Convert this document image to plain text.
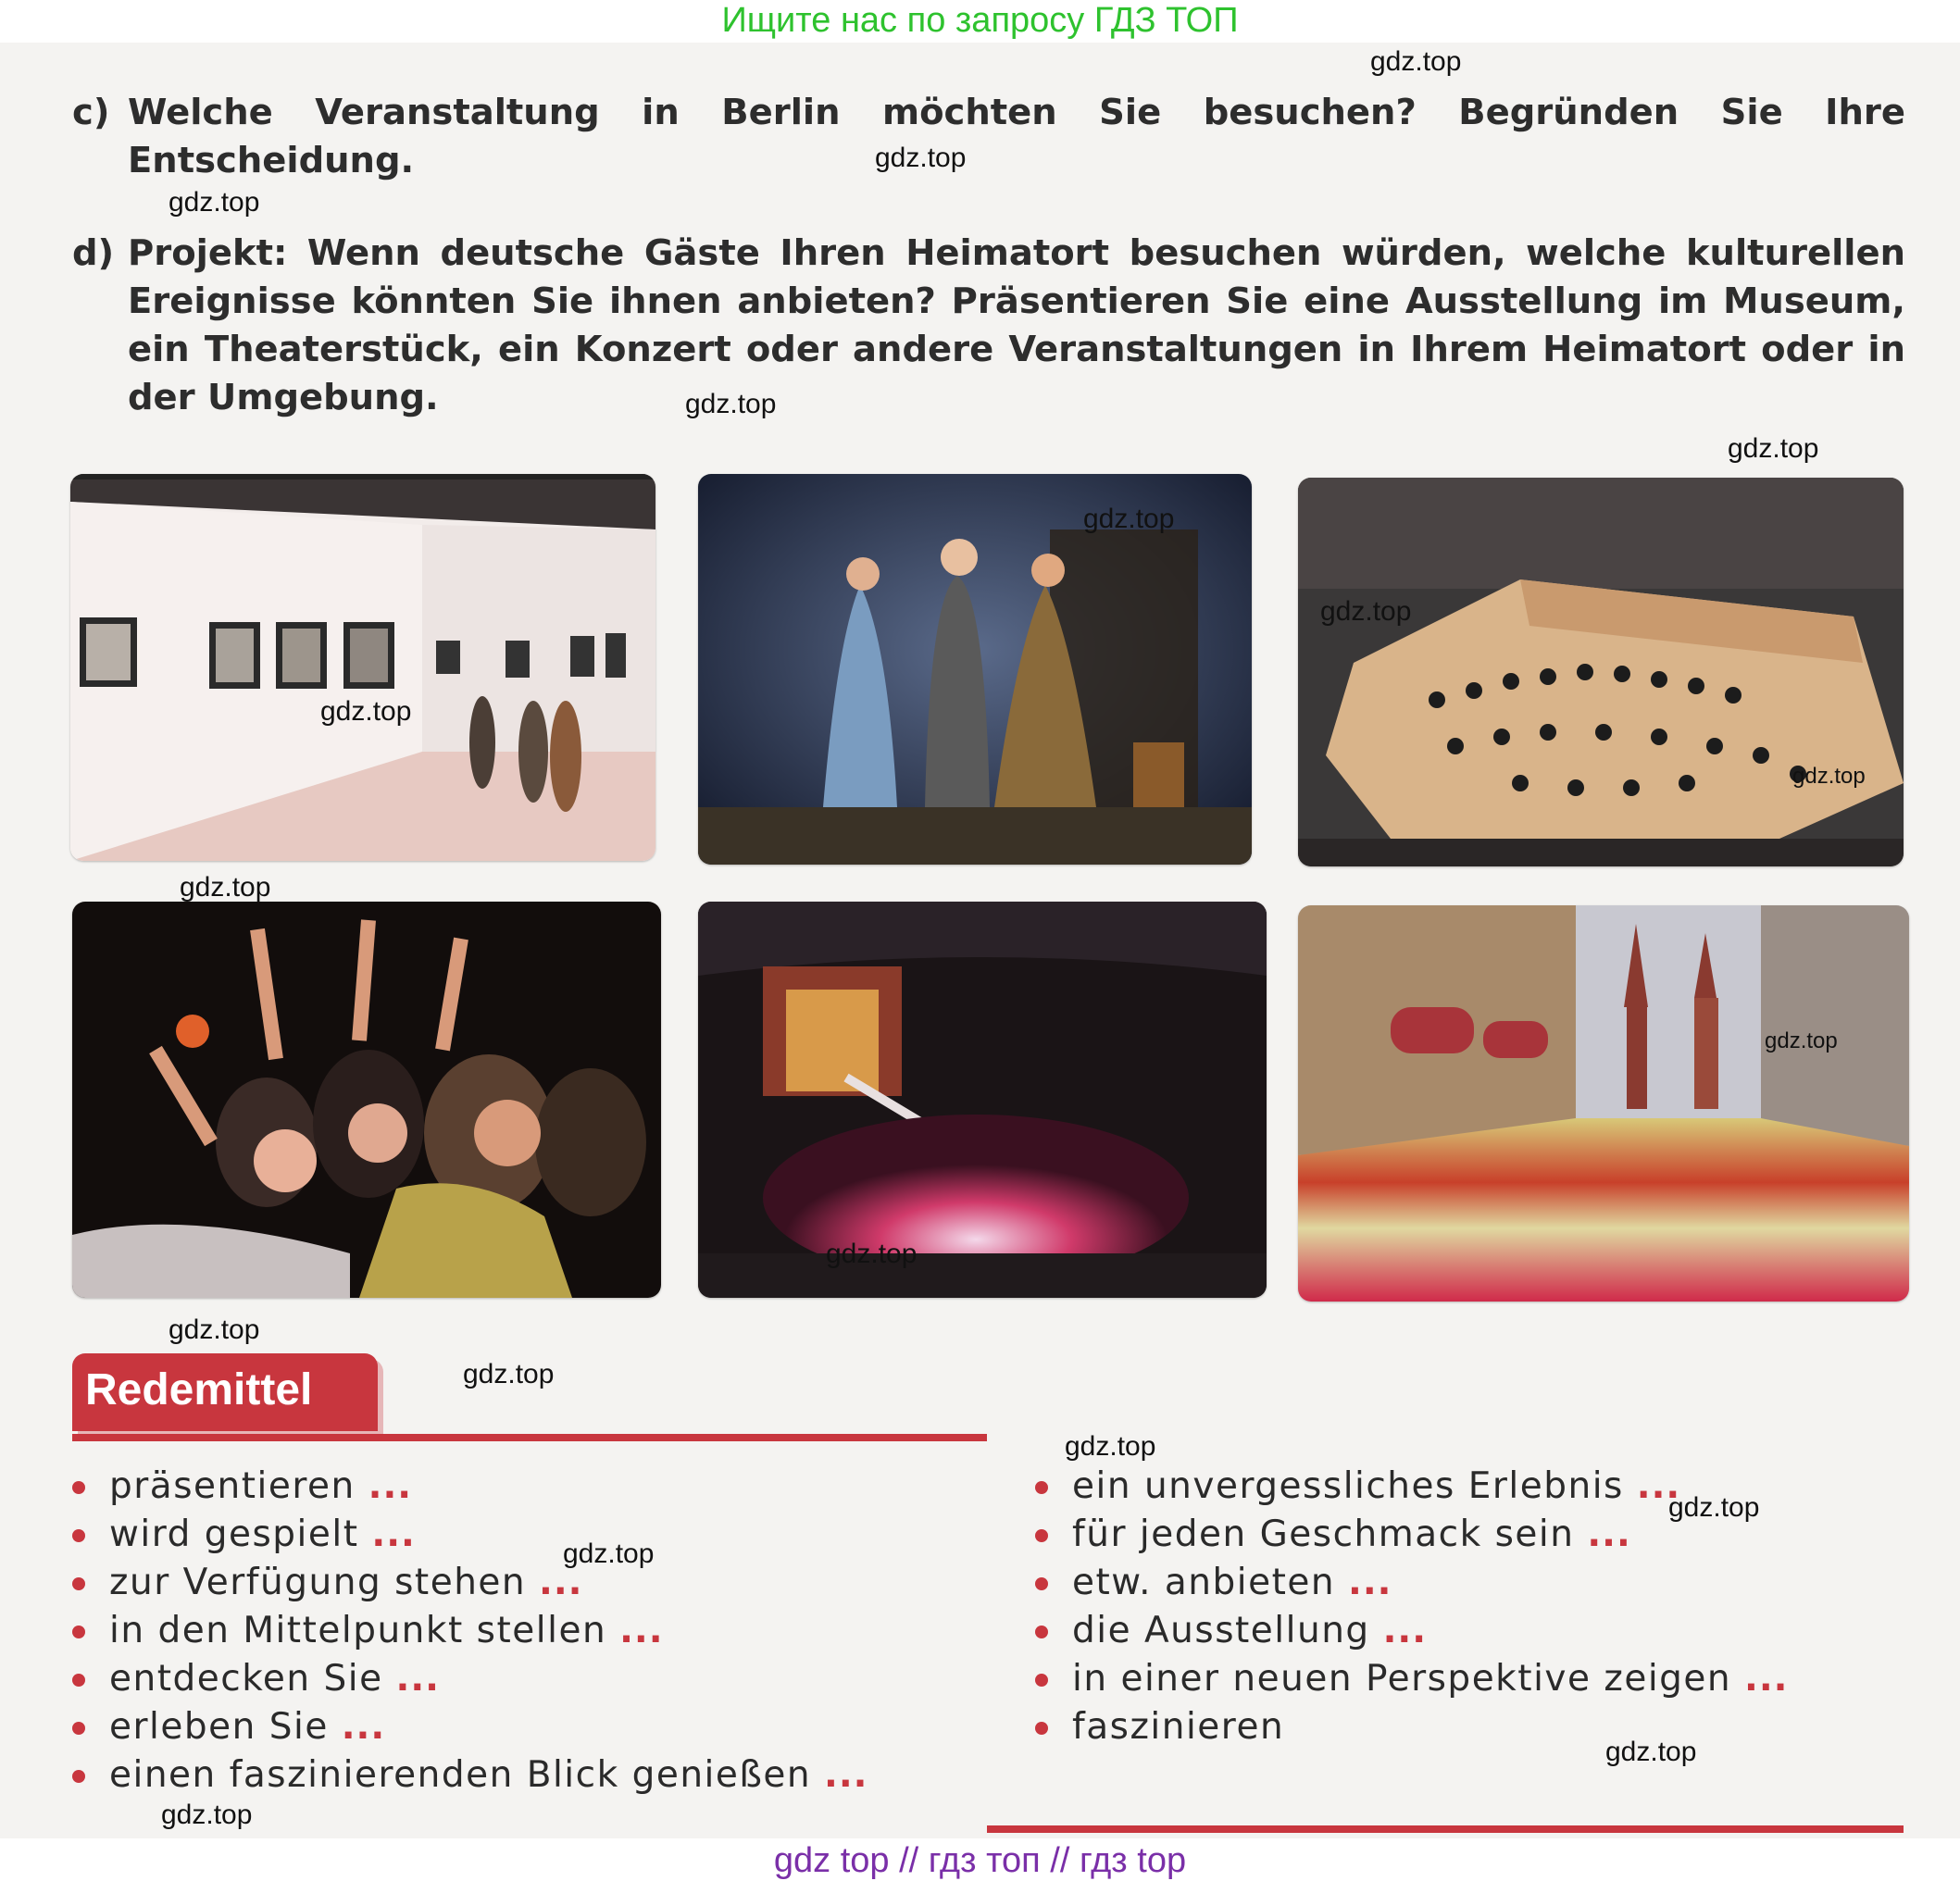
Ищите нас по запросу ГДЗ ТОП
c) Welche Veranstaltung in Berlin möchten Sie besuchen? Begründen Sie Ihre Entscheidung.
d) Projekt: Wenn deutsche Gäste Ihren Heimatort besuchen würden, welche kulturellen Ereignisse könnten Sie ihnen anbieten? Präsentieren Sie eine Ausstellung im Museum, ein Theaterstück, ein Konzert oder andere Veranstaltungen in Ihrem Heimatort oder in der Umgebung.
Redemittel
präsentieren ...
wird gespielt ...
zur Verfügung stehen ...
in den Mittelpunkt stellen ...
entdecken Sie ...
erleben Sie ...
einen faszinierenden Blick genießen ...
ein unvergessliches Erlebnis ...
für jeden Geschmack sein ...
etw. anbieten ...
die Ausstellung ...
in einer neuen Perspektive zeigen ...
faszinieren
gdz.top
gdz.top
gdz.top
gdz.top
gdz.top
gdz.top
gdz.top
gdz.top
gdz.top
gdz.top
gdz.top
gdz.top
gdz.top
gdz.top
gdz.top
gdz.top
gdz.top
gdz.top
gdz.top
gdz top // гдз топ // гдз top
